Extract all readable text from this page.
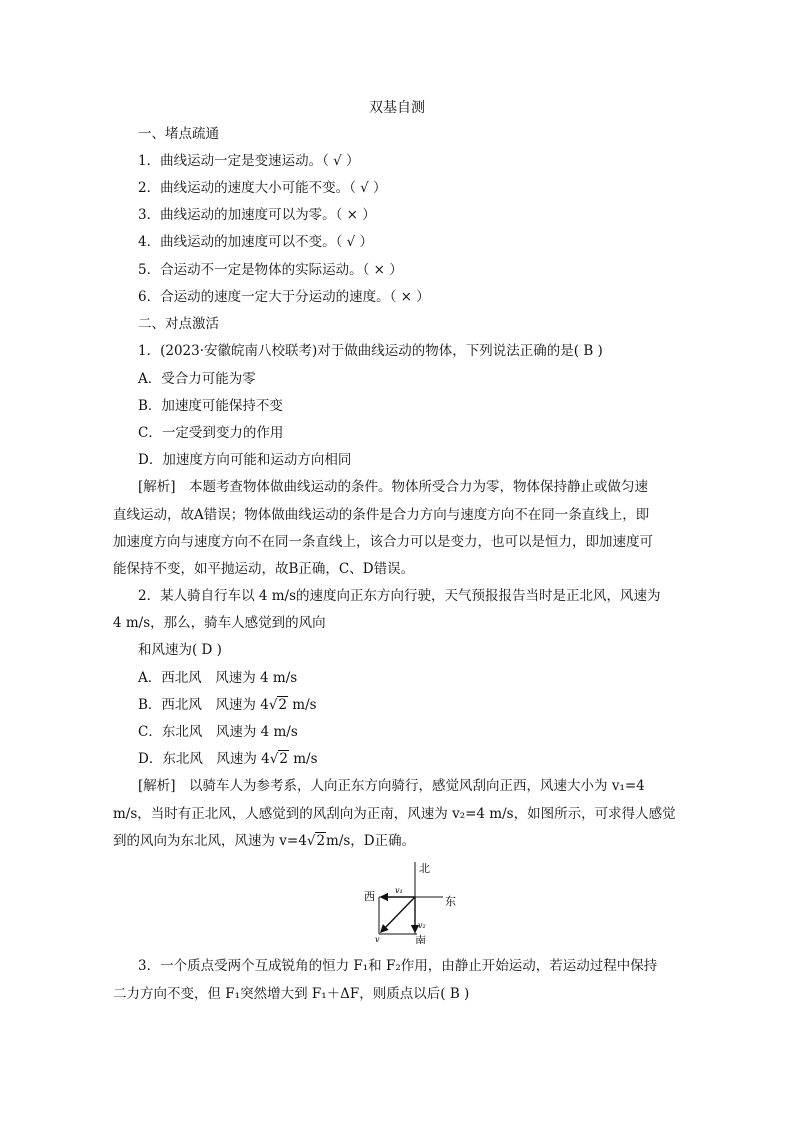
双基自测
一、堵点疏通
1．曲线运动一定是变速运动。（ √ ）
2．曲线运动的速度大小可能不变。（ √ ）
3．曲线运动的加速度可以为零。（ × ）
4．曲线运动的加速度可以不变。（ √ ）
5．合运动不一定是物体的实际运动。（ × ）
6．合运动的速度一定大于分运动的速度。（ × ）
二、对点激活
1．(2023·安徽皖南八校联考)对于做曲线运动的物体，下列说法正确的是( B )
A．受合力可能为零
B．加速度可能保持不变
C．一定受到变力的作用
D．加速度方向可能和运动方向相同
[解析]　本题考查物体做曲线运动的条件。物体所受合力为零，物体保持静止或做匀速
直线运动，故A错误；物体做曲线运动的条件是合力方向与速度方向不在同一条直线上，即
加速度方向与速度方向不在同一条直线上，该合力可以是变力，也可以是恒力，即加速度可
能保持不变，如平抛运动，故B正确，C、D错误。
2．某人骑自行车以 4 m/s的速度向正东方向行驶，天气预报报告当时是正北风，风速为
4 m/s，那么，骑车人感觉到的风向
和风速为( D )
A．西北风　风速为 4 m/s
B．西北风　风速为 4√2 m/s
C．东北风　风速为 4 m/s
D．东北风　风速为 4√2 m/s
[解析]　以骑车人为参考系，人向正东方向骑行，感觉风刮向正西，风速大小为 v₁=4
m/s，当时有正北风，人感觉到的风刮向为正南，风速为 v₂=4 m/s，如图所示，可求得人感觉
到的风向为东北风，风速为 v=4√2m/s，D正确。
北
东
西
南
v₁
v₂
v
3．一个质点受两个互成锐角的恒力 F₁和 F₂作用，由静止开始运动，若运动过程中保持
二力方向不变，但 F₁突然增大到 F₁＋ΔF，则质点以后( B )
